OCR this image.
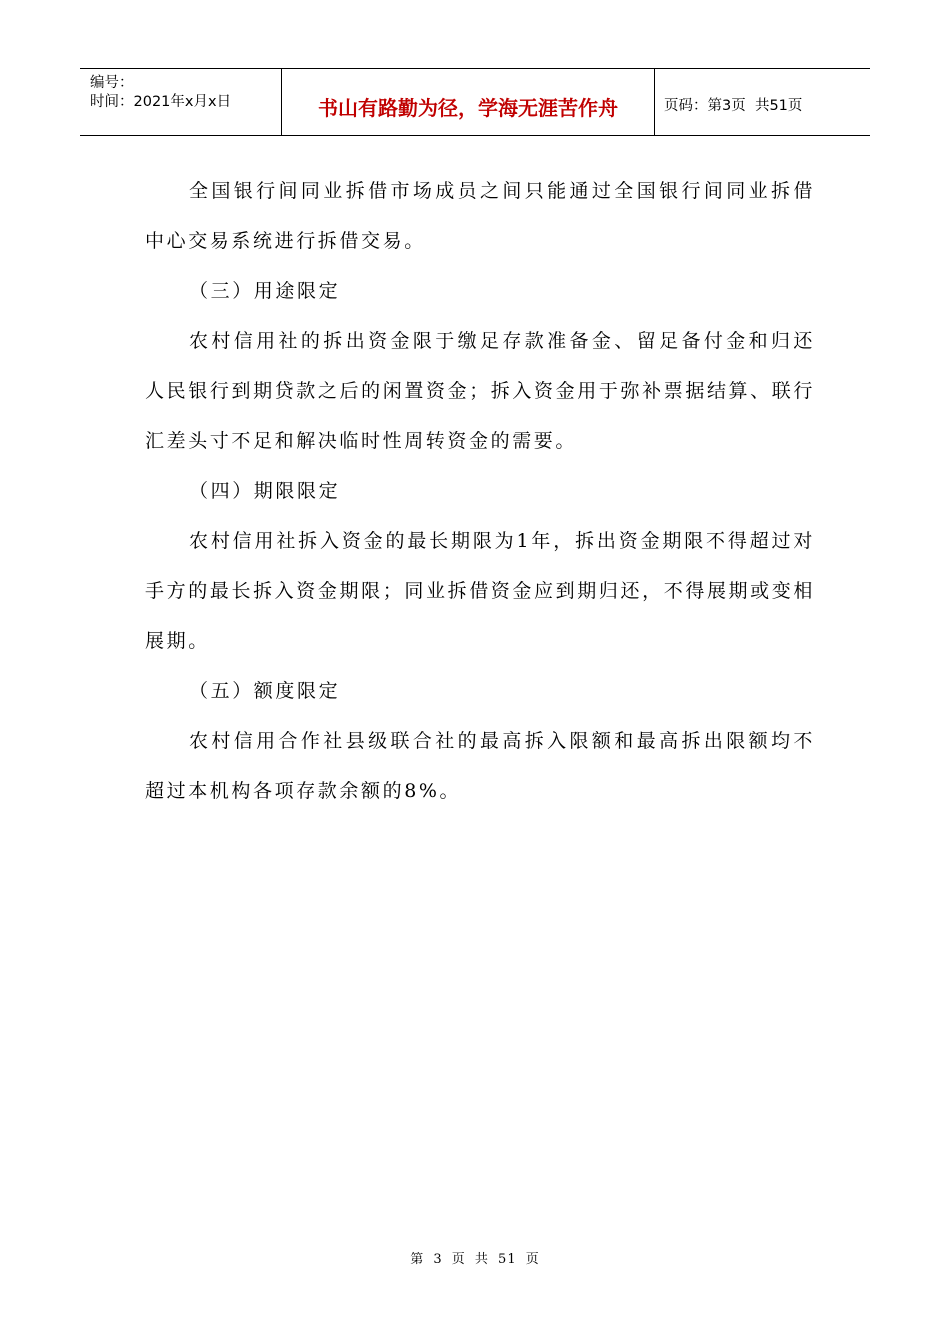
编号：
时间：2021年x月x日	书山有路勤为径，学海无涯苦作舟	页码：第3页  共51页

全国银行间同业拆借市场成员之间只能通过全国银行间同业拆借中心交易系统进行拆借交易。

（三）用途限定

农村信用社的拆出资金限于缴足存款准备金、留足备付金和归还人民银行到期贷款之后的闲置资金；拆入资金用于弥补票据结算、联行汇差头寸不足和解决临时性周转资金的需要。

（四）期限限定

农村信用社拆入资金的最长期限为1年，拆出资金期限不得超过对手方的最长拆入资金期限；同业拆借资金应到期归还，不得展期或变相展期。

（五）额度限定

农村信用合作社县级联合社的最高拆入限额和最高拆出限额均不超过本机构各项存款余额的8%。

第 3 页 共 51 页
